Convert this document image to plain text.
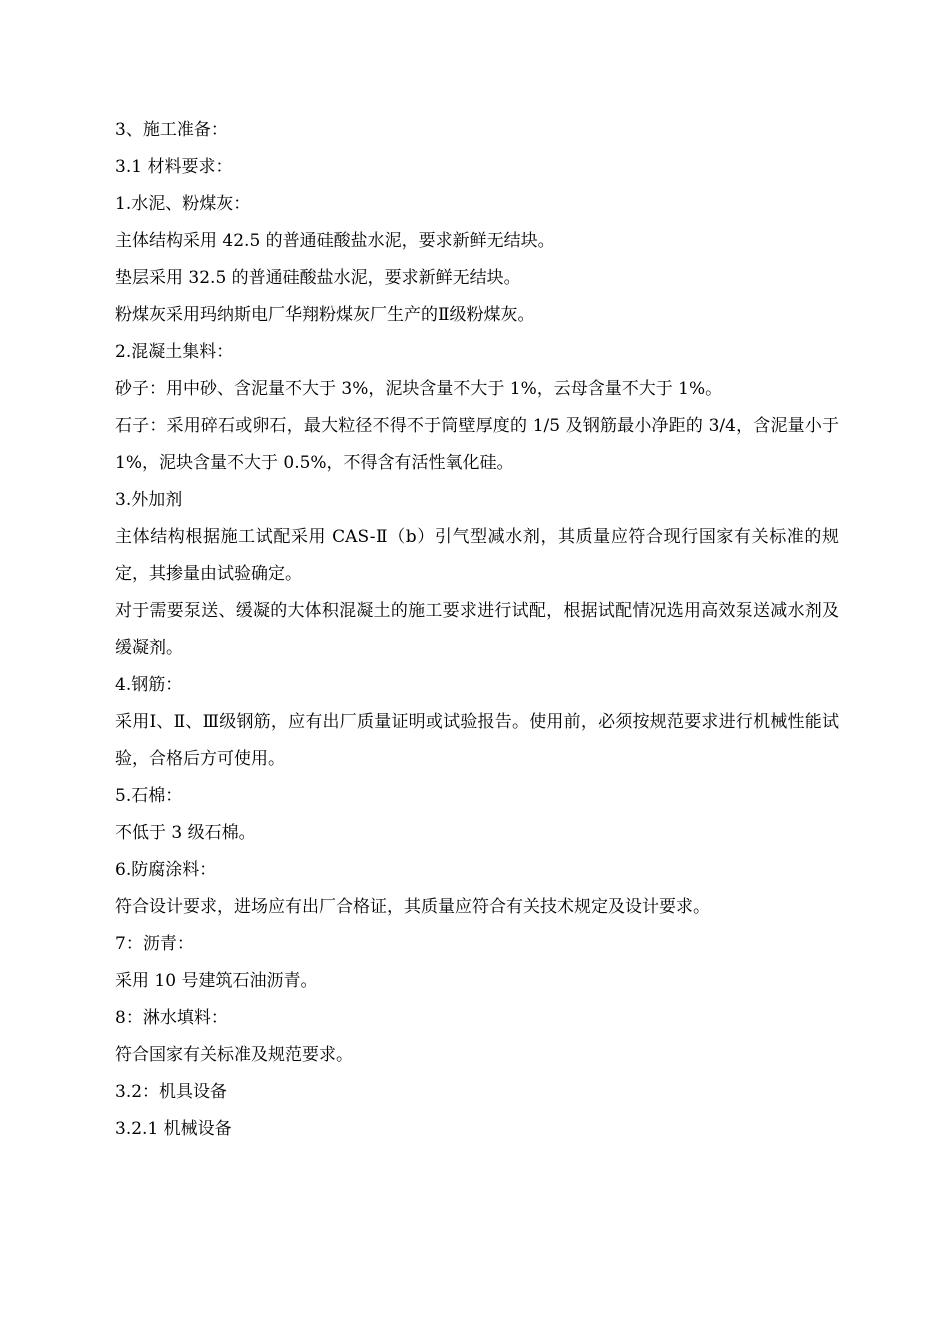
3、施工准备：
3.1 材料要求：
1.水泥、粉煤灰：
主体结构采用 42.5 的普通硅酸盐水泥，要求新鲜无结块。
垫层采用 32.5 的普通硅酸盐水泥，要求新鲜无结块。
粉煤灰采用玛纳斯电厂华翔粉煤灰厂生产的Ⅱ级粉煤灰。
2.混凝土集料：
砂子：用中砂、含泥量不大于 3%，泥块含量不大于 1%，云母含量不大于 1%。
石子：采用碎石或卵石，最大粒径不得不于筒壁厚度的 1/5 及钢筋最小净距的 3/4，含泥量小于 1%，泥块含量不大于 0.5%，不得含有活性氧化硅。
3.外加剂
主体结构根据施工试配采用 CAS-Ⅱ（b）引气型减水剂，其质量应符合现行国家有关标准的规定，其掺量由试验确定。
对于需要泵送、缓凝的大体积混凝土的施工要求进行试配，根据试配情况选用高效泵送减水剂及缓凝剂。
4.钢筋：
采用Ⅰ、Ⅱ、Ⅲ级钢筋，应有出厂质量证明或试验报告。使用前，必须按规范要求进行机械性能试验，合格后方可使用。
5.石棉：
不低于 3 级石棉。
6.防腐涂料：
符合设计要求，进场应有出厂合格证，其质量应符合有关技术规定及设计要求。
7：沥青：
采用 10 号建筑石油沥青。
8：淋水填料：
符合国家有关标准及规范要求。
3.2：机具设备
3.2.1 机械设备
